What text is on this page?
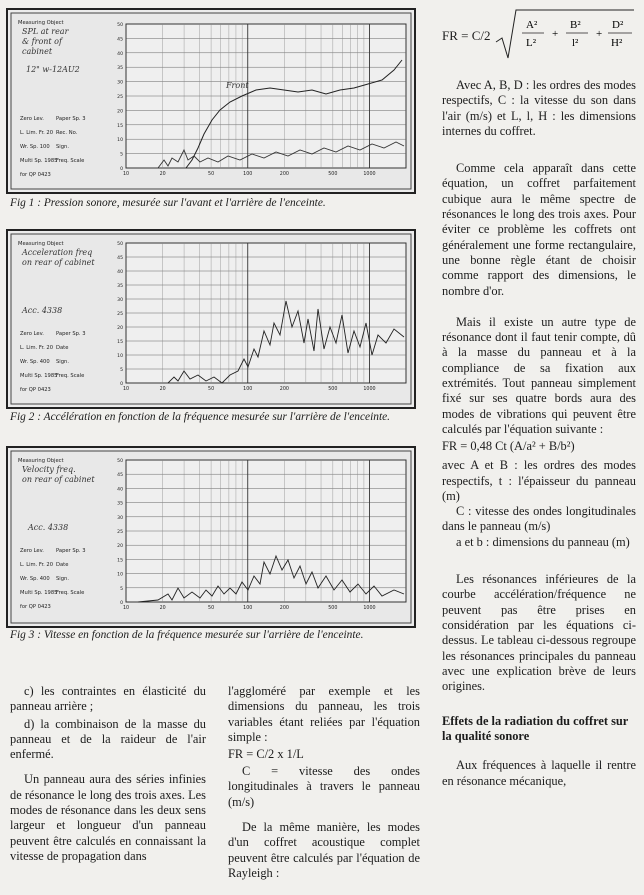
Measuring Object
SPL at rear
& front of
cabinet
12" w-12AU2
Zero Lev. Paper Sp. 3
L. Lim. Fr. 20 Rec. No.
Wr. Sp. 100 Sign.
Multi Sp. 1985
Freq. Scale
for QP 0423
50
45
40
35
30
25
20
15
10
5
0
10	20	50	100	200	500	1000
Front
Fig 1 : Pression sonore, mesurée sur l'avant et l'arrière de l'enceinte.
Measuring Object
Acceleration freq
on rear of cabinet
Acc. 4338
Zero Lev. Paper Sp. 3
L. Lim. Fr. 20 Date
Wr. Sp. 400 Sign.
Multi Sp. 1985
Freq. Scale
for QP 0423
50
45
40
35
30
25
20
15
10
5
0
10	20	50	100	200	500	1000
Fig 2 : Accélération en fonction de la fréquence mesurée sur l'arrière de l'enceinte.
Measuring Object
Velocity freq.
on rear of cabinet
Acc. 4338
Zero Lev. Paper Sp. 3
L. Lim. Fr. 20 Date
Wr. Sp. 400 Sign.
Multi Sp. 1985
Freq. Scale
for QP 0423
50
45
40
35
30
25
20
15
10
5
0
10	20	50	100	200	500	1000
Fig 3 : Vitesse en fonction de la fréquence mesurée sur l'arrière de l'enceinte.

c) les contraintes en élasticité du panneau arrière ;

d) la combinaison de la masse du panneau et de la raideur de l'air enfermé.

Un panneau aura des séries infinies de résonance le long des trois axes. Les modes de résonance dans les deux sens largeur et longueur d'un panneau peuvent être calculés en connaissant la vitesse de propagation dans

l'aggloméré par exemple et les dimensions du panneau, les trois variables étant reliées par l'équation simple :

FR = C/2 x 1/L

C = vitesse des ondes longitudinales à travers le panneau (m/s)

De la même manière, les modes d'un coffret acoustique complet peuvent être calculés par l'équation de Rayleigh :

FR = C/2
A²
L²
+
B²
l²
+
D²
H²

Avec A, B, D : les ordres des modes respectifs, C : la vitesse du son dans l'air (m/s) et L, l, H : les dimensions internes du coffret.

Comme cela apparaît dans cette équation, un coffret parfaitement cubique aura le même spectre de résonances le long des trois axes. Pour éviter ce problème les coffrets ont généralement une forme rectangulaire, une bonne règle étant de choisir comme rapport des dimensions, le nombre d'or.

Mais il existe un autre type de résonance dont il faut tenir compte, dû à la masse du panneau et à la compliance de sa fixation aux extrémités. Tout panneau simplement fixé sur ses quatre bords aura des modes de vibrations qui peuvent être calculés par l'équation suivante :

FR = 0,48 Ct (A/a² + B/b²)

avec A et B : les ordres des modes respectifs, t : l'épaisseur du panneau (m)

C : vitesse des ondes longitudinales dans le panneau (m/s)

a et b : dimensions du panneau (m)

Les résonances inférieures de la courbe accélération/fréquence ne peuvent pas être prises en considération par les équations ci-dessus. Le tableau ci-dessous regroupe les résonances principales du panneau avec une explication brève de leurs origines.

Effets de la radiation du coffret sur la qualité sonore

Aux fréquences à laquelle il rentre en résonance mécanique,
